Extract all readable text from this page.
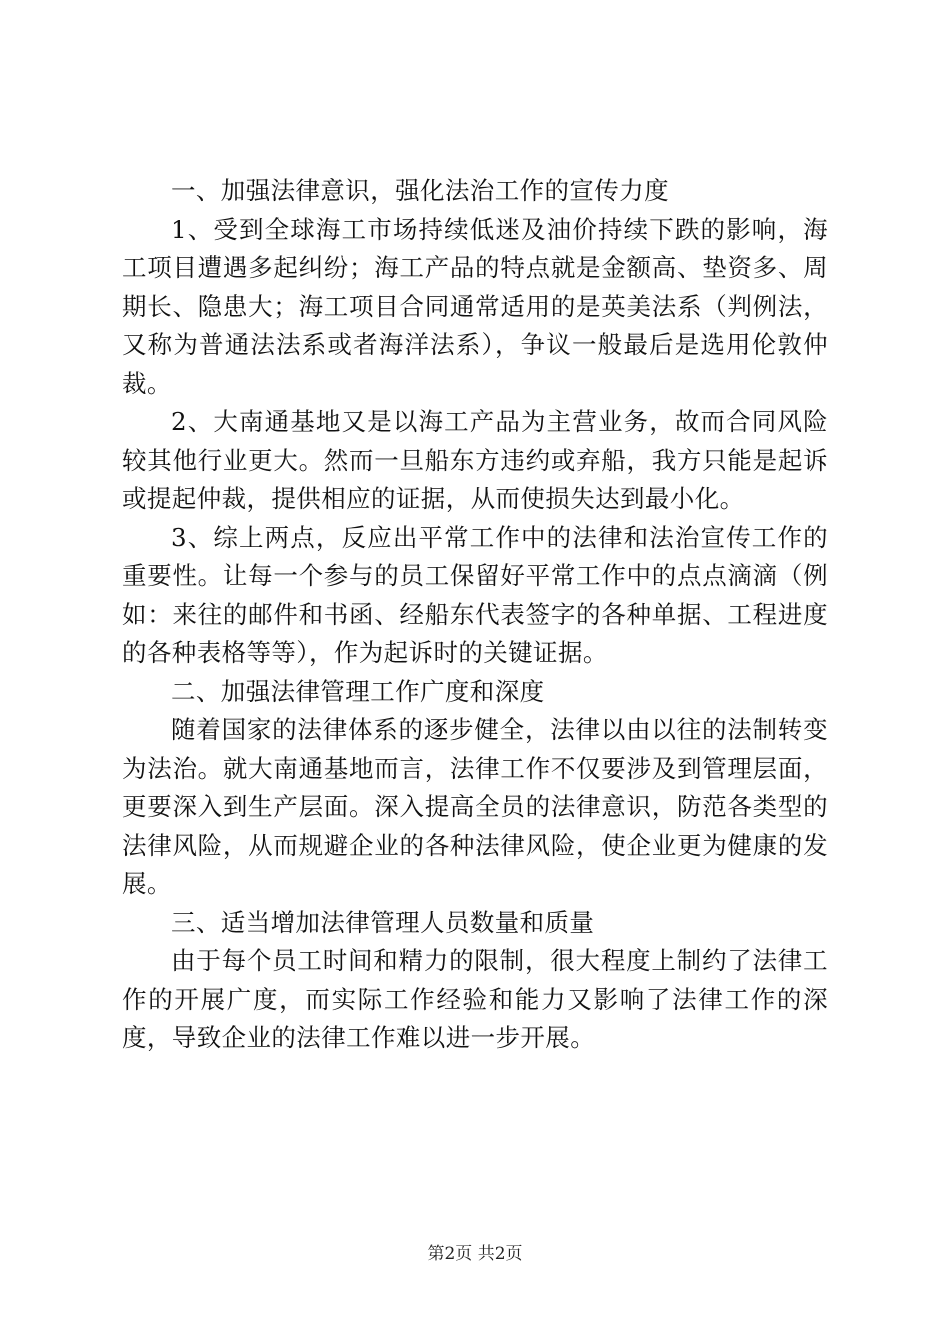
一、加强法律意识，强化法治工作的宣传力度

1、受到全球海工市场持续低迷及油价持续下跌的影响，海工项目遭遇多起纠纷；海工产品的特点就是金额高、垫资多、周期长、隐患大；海工项目合同通常适用的是英美法系（判例法，又称为普通法法系或者海洋法系），争议一般最后是选用伦敦仲裁。

2、大南通基地又是以海工产品为主营业务，故而合同风险较其他行业更大。然而一旦船东方违约或弃船，我方只能是起诉或提起仲裁，提供相应的证据，从而使损失达到最小化。

3、综上两点，反应出平常工作中的法律和法治宣传工作的重要性。让每一个参与的员工保留好平常工作中的点点滴滴（例如：来往的邮件和书函、经船东代表签字的各种单据、工程进度的各种表格等等），作为起诉时的关键证据。

二、加强法律管理工作广度和深度

随着国家的法律体系的逐步健全，法律以由以往的法制转变为法治。就大南通基地而言，法律工作不仅要涉及到管理层面，更要深入到生产层面。深入提高全员的法律意识，防范各类型的法律风险，从而规避企业的各种法律风险，使企业更为健康的发展。

三、适当增加法律管理人员数量和质量

由于每个员工时间和精力的限制，很大程度上制约了法律工作的开展广度，而实际工作经验和能力又影响了法律工作的深度，导致企业的法律工作难以进一步开展。

第2页 共2页
